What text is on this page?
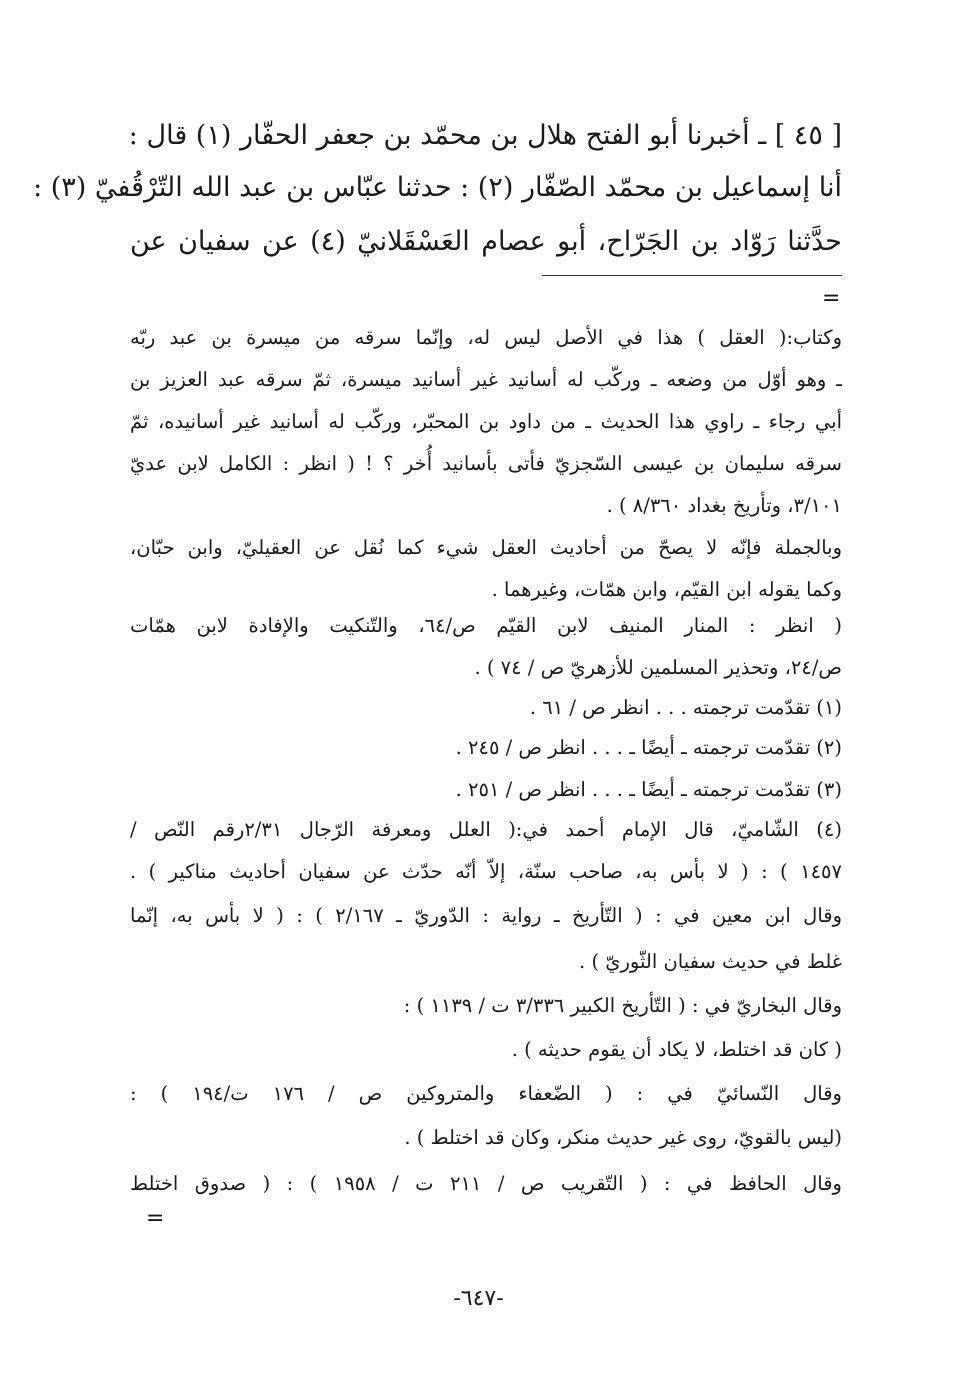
[ ٤٥ ] ـ أخبرنا أبو الفتح هلال بن محمّد بن جعفر الحفّار (١) قال :
أنا إسماعيل بن محمّد الصّفّار (٢) : حدثنا عبّاس بن عبد الله التّرْقُفيّ (٣) :
حدَّثنا رَوّاد بن الجَرّاح، أبو عصام العَسْقَلانيّ (٤) عن سفيان عن
=
وكتاب:( العقل ) هذا في الأصل ليس له، وإنّما سرقه من ميسرة بن عبد ربّه
ـ وهو أوّل من وضعه ـ وركّب له أسانيد غير أسانيد ميسرة، ثمّ سرقه عبد العزيز بن
أبي رجاء ـ راوي هذا الحديث ـ من داود بن المحبّر، وركّب له أسانيد غير أسانيده، ثمّ
سرقه سليمان بن عيسى السّجزيّ فأتى بأسانيد أُخر ؟ ! ( انظر : الكامل لابن عديّ
٣/١٠١، وتأريخ بغداد ٨/٣٦٠ ) .
وبالجملة فإنّه لا يصحّ من أحاديث العقل شيء كما نُقل عن العقيليّ، وابن حبّان،
وكما يقوله ابن القيّم، وابن همّات، وغيرهما .
( انظر : المنار المنيف لابن القيّم ص/٦٤، والتّنكيت والإفادة لابن همّات
ص/٢٤، وتحذير المسلمين للأزهريّ ص / ٧٤ ) .
(١) تقدّمت ترجمته . . . انظر ص / ٦١ .
(٢) تقدّمت ترجمته ـ أيضًا ـ . . . انظر ص / ٢٤٥ .
(٣) تقدّمت ترجمته ـ أيضًا ـ . . . انظر ص / ٢٥١ .
(٤) الشّاميّ، قال الإمام أحمد في:( العلل ومعرفة الرّجال ٢/٣١رقم النّص /
١٤٥٧ ) : ( لا بأس به، صاحب سنّة، إلاّ أنّه حدّث عن سفيان أحاديث مناكير ) .
وقال ابن معين في : ( التّأريخ ـ رواية : الدّوريّ ـ ٢/١٦٧ ) : ( لا بأس به، إنّما
غلط في حديث سفيان الثّوريّ ) .
وقال البخاريّ في : ( التّأريخ الكبير ٣/٣٣٦ ت / ١١٣٩ ) :
( كان قد اختلط، لا يكاد أن يقوم حديثه ) .
وقال النّسائيّ في : ( الضّعفاء والمتروكين ص / ١٧٦ ت/١٩٤ ) :
(ليس بالقويّ، روى غير حديث منكر، وكان قد اختلط ) .
وقال الحافظ في : ( التّقريب ص / ٢١١ ت / ١٩٥٨ ) : ( صدوق اختلط
=
-٦٤٧-
